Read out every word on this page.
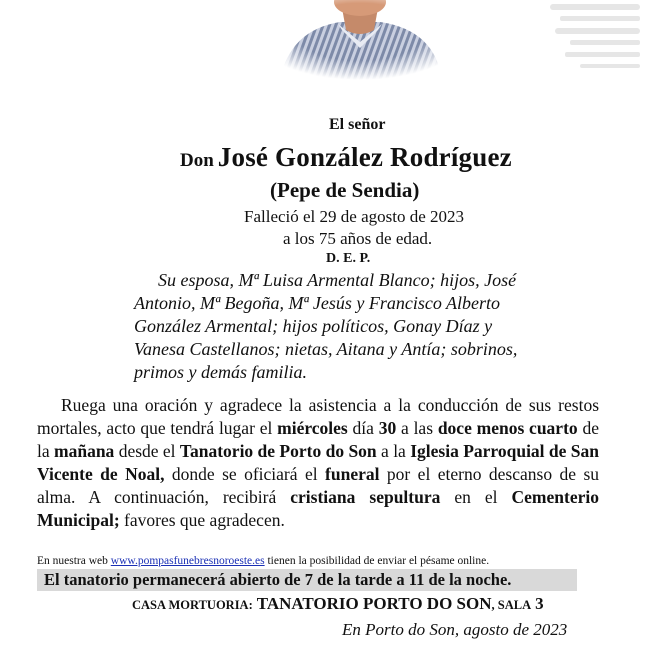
El señor
Don José González Rodríguez
(Pepe de Sendia)
Falleció el 29 de agosto de 2023
a los 75 años de edad.
D. E. P.
Su esposa, Mª Luisa Armental Blanco; hijos, José
Antonio, Mª Begoña, Mª Jesús y Francisco Alberto
González Armental; hijos políticos, Gonay Díaz y
Vanesa Castellanos; nietas, Aitana y Antía; sobrinos,
primos y demás familia.
Ruega una oración y agradece la asistencia a la conducción de sus restos mortales, acto que tendrá lugar el miércoles día 30 a las doce menos cuarto de la mañana desde el Tanatorio de Porto do Son a la Iglesia Parroquial de San Vicente de Noal, donde se oficiará el funeral por el eterno descanso de su alma. A continuación, recibirá cristiana sepultura en el Cementerio Municipal; favores que agradecen.
En nuestra web www.pompasfunebresnoroeste.es tienen la posibilidad de enviar el pésame online.
El tanatorio permanecerá abierto de 7 de la tarde a 11 de la noche.
CASA MORTUORIA: TANATORIO PORTO DO SON, SALA 3
En Porto do Son, agosto de 2023
